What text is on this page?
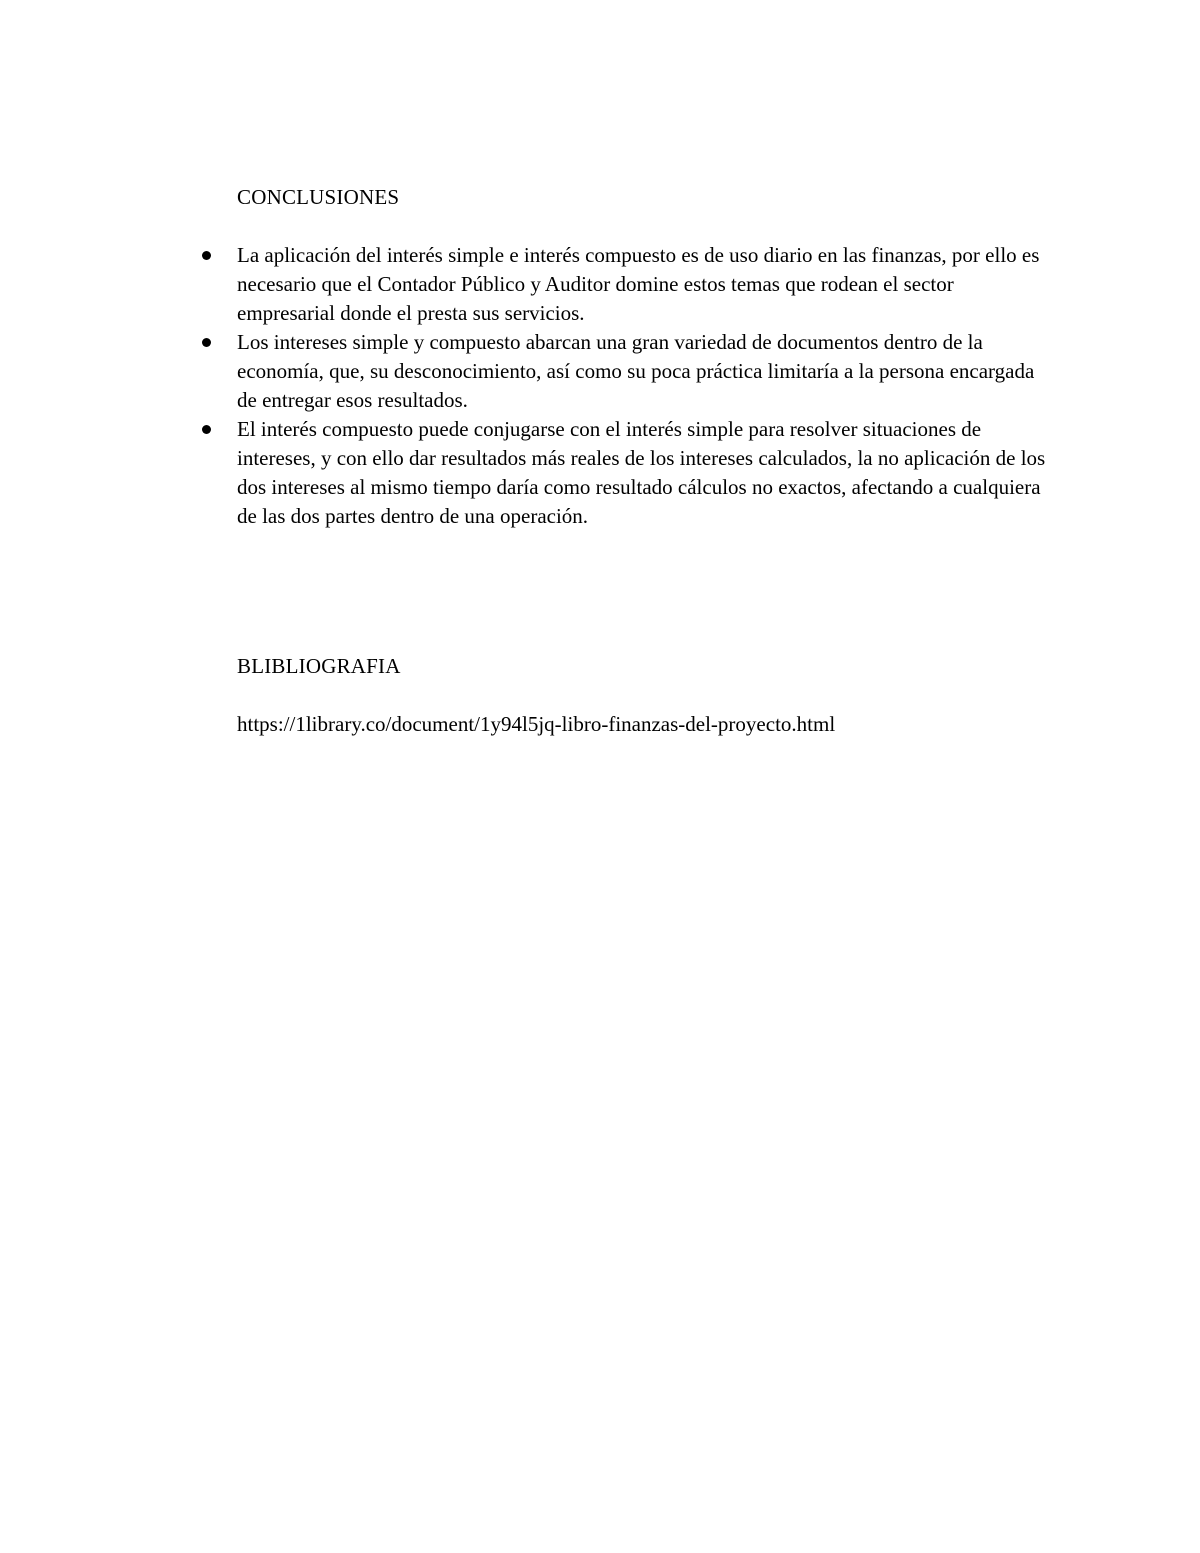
CONCLUSIONES
La aplicación del interés simple e interés compuesto es de uso diario en las finanzas, por ello es necesario que el Contador Público y Auditor domine estos temas que rodean el sector empresarial donde el presta sus servicios.
Los intereses simple y compuesto abarcan una gran variedad de documentos dentro de la economía, que, su desconocimiento, así como su poca práctica limitaría a la persona encargada de entregar esos resultados.
El interés compuesto puede conjugarse con el interés simple para resolver situaciones de intereses, y con ello dar resultados más reales de los intereses calculados, la no aplicación de los dos intereses al mismo tiempo daría como resultado cálculos no exactos, afectando a cualquiera de las dos partes dentro de una operación.
BLIBLIOGRAFIA

https://1library.co/document/1y94l5jq-libro-finanzas-del-proyecto.html
